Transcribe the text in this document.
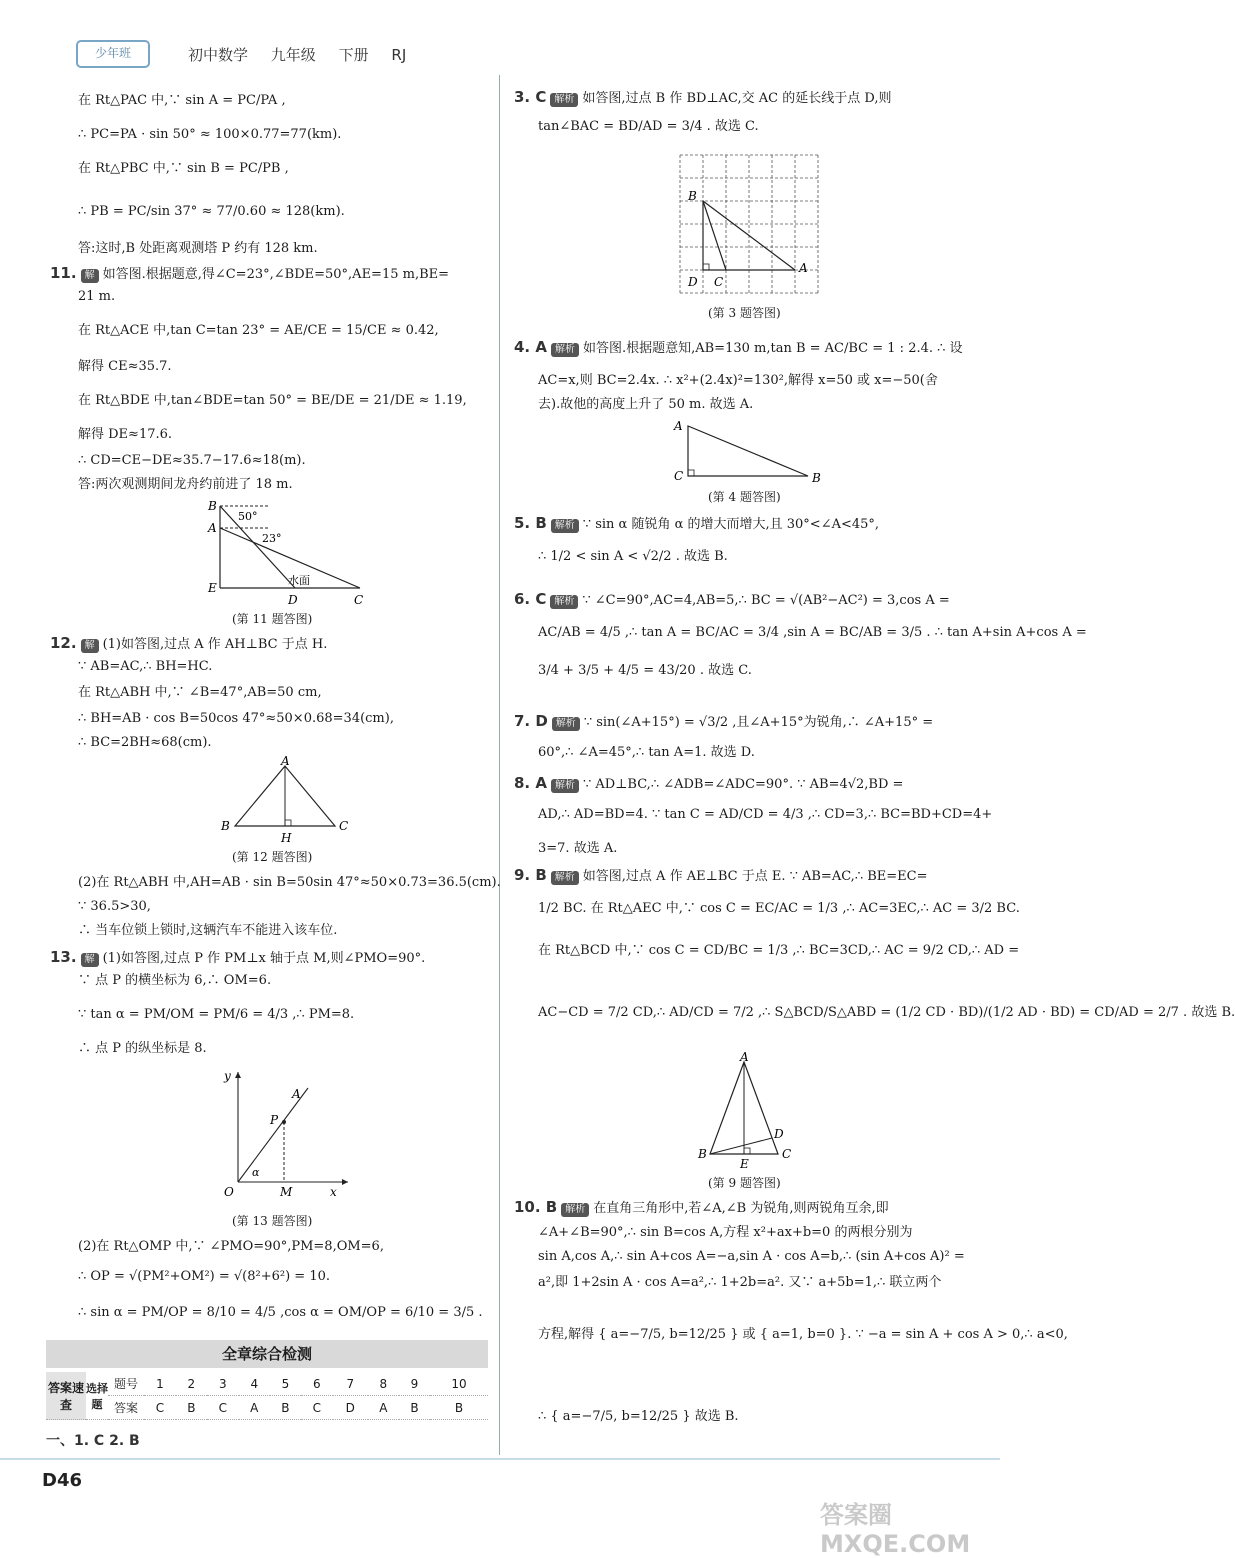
少年班	初中数学 九年级 下册 RJ
在 Rt△PAC 中,∵ sin A = PC/PA ,
∴ PC=PA · sin 50° ≈ 100×0.77=77(km).
在 Rt△PBC 中,∵ sin B = PC/PB ,
∴ PB = PC/sin 37° ≈ 77/0.60 ≈ 128(km).
答:这时,B 处距离观测塔 P 约有 128 km.
11. 解 如答图.根据题意,得∠C=23°,∠BDE=50°,AE=15 m,BE=
21 m.
在 Rt△ACE 中,tan C=tan 23° = AE/CE = 15/CE ≈ 0.42,
解得 CE≈35.7.
在 Rt△BDE 中,tan∠BDE=tan 50° = BE/DE = 21/DE ≈ 1.19,
解得 DE≈17.6.
∴ CD=CE−DE≈35.7−17.6≈18(m).
答:两次观测期间龙舟约前进了 18 m.
B
A
E
D	C
50°
23°
水面
(第 11 题答图)
12. 解 (1)如答图,过点 A 作 AH⊥BC 于点 H.
∵ AB=AC,∴ BH=HC.
在 Rt△ABH 中,∵ ∠B=47°,AB=50 cm,
∴ BH=AB · cos B=50cos 47°≈50×0.68=34(cm),
∴ BC=2BH≈68(cm).
A
B
H
C
(第 12 题答图)
(2)在 Rt△ABH 中,AH=AB · sin B=50sin 47°≈50×0.73=36.5(cm).
∵ 36.5>30,
∴ 当车位锁上锁时,这辆汽车不能进入该车位.
13. 解 (1)如答图,过点 P 作 PM⊥x 轴于点 M,则∠PMO=90°.
∵ 点 P 的横坐标为 6,∴ OM=6.
∵ tan α = PM/OM = PM/6 = 4/3 ,∴ PM=8.
∴ 点 P 的纵坐标是 8.
y
A
P
α
O	M	x
(第 13 题答图)
(2)在 Rt△OMP 中,∵ ∠PMO=90°,PM=8,OM=6,
∴ OP = √(PM²+OM²) = √(8²+6²) = 10.
∴ sin α = PM/OP = 8/10 = 4/5 ,cos α = OM/OP = 6/10 = 3/5 .
全章综合检测
答案速查	选择题	题号	1	2	3	4	5	6	7	8	9	10
		答案	C	B	C	A	B	C	D	A	B	B
一、1. C 2. B
3. C 解析 如答图,过点 B 作 BD⊥AC,交 AC 的延长线于点 D,则
tan∠BAC = BD/AD = 3/4 . 故选 C.
B
A
D C
(第 3 题答图)
4. A 解析 如答图.根据题意知,AB=130 m,tan B = AC/BC = 1 : 2.4. ∴ 设
AC=x,则 BC=2.4x. ∴ x²+(2.4x)²=130²,解得 x=50 或 x=−50(舍
去).故他的高度上升了 50 m. 故选 A.
A
C	B
(第 4 题答图)
5. B 解析 ∵ sin α 随锐角 α 的增大而增大,且 30°<∠A<45°,
∴ 1/2 < sin A < √2/2 . 故选 B.
6. C 解析 ∵ ∠C=90°,AC=4,AB=5,∴ BC = √(AB²−AC²) = 3,cos A =
AC/AB = 4/5 ,∴ tan A = BC/AC = 3/4 ,sin A = BC/AB = 3/5 . ∴ tan A+sin A+cos A =
3/4 + 3/5 + 4/5 = 43/20 . 故选 C.
7. D 解析 ∵ sin(∠A+15°) = √3/2 ,且∠A+15°为锐角,∴ ∠A+15° =
60°,∴ ∠A=45°,∴ tan A=1. 故选 D.
8. A 解析 ∵ AD⊥BC,∴ ∠ADB=∠ADC=90°. ∵ AB=4√2,BD =
AD,∴ AD=BD=4. ∵ tan C = AD/CD = 4/3 ,∴ CD=3,∴ BC=BD+CD=4+
3=7. 故选 A.
9. B 解析 如答图,过点 A 作 AE⊥BC 于点 E. ∵ AB=AC,∴ BE=EC=
1/2 BC. 在 Rt△AEC 中,∵ cos C = EC/AC = 1/3 ,∴ AC=3EC,∴ AC = 3/2 BC.
在 Rt△BCD 中,∵ cos C = CD/BC = 1/3 ,∴ BC=3CD,∴ AC = 9/2 CD,∴ AD =
AC−CD = 7/2 CD,∴ AD/CD = 7/2 ,∴ S△BCD/S△ABD = (1/2 CD · BD)/(1/2 AD · BD) = CD/AD = 2/7 . 故选 B.
A
B
E
C
D
(第 9 题答图)
10. B 解析 在直角三角形中,若∠A,∠B 为锐角,则两锐角互余,即
∠A+∠B=90°,∴ sin B=cos A,方程 x²+ax+b=0 的两根分别为
sin A,cos A,∴ sin A+cos A=−a,sin A · cos A=b,∴ (sin A+cos A)² =
a²,即 1+2sin A · cos A=a²,∴ 1+2b=a². 又∵ a+5b=1,∴ 联立两个
方程,解得 { a=−7/5, b=12/25 } 或 { a=1, b=0 }. ∵ −a = sin A + cos A > 0,∴ a<0,
∴ { a=−7/5, b=12/25 } 故选 B.
D46
答案圈 MXQE.COM
